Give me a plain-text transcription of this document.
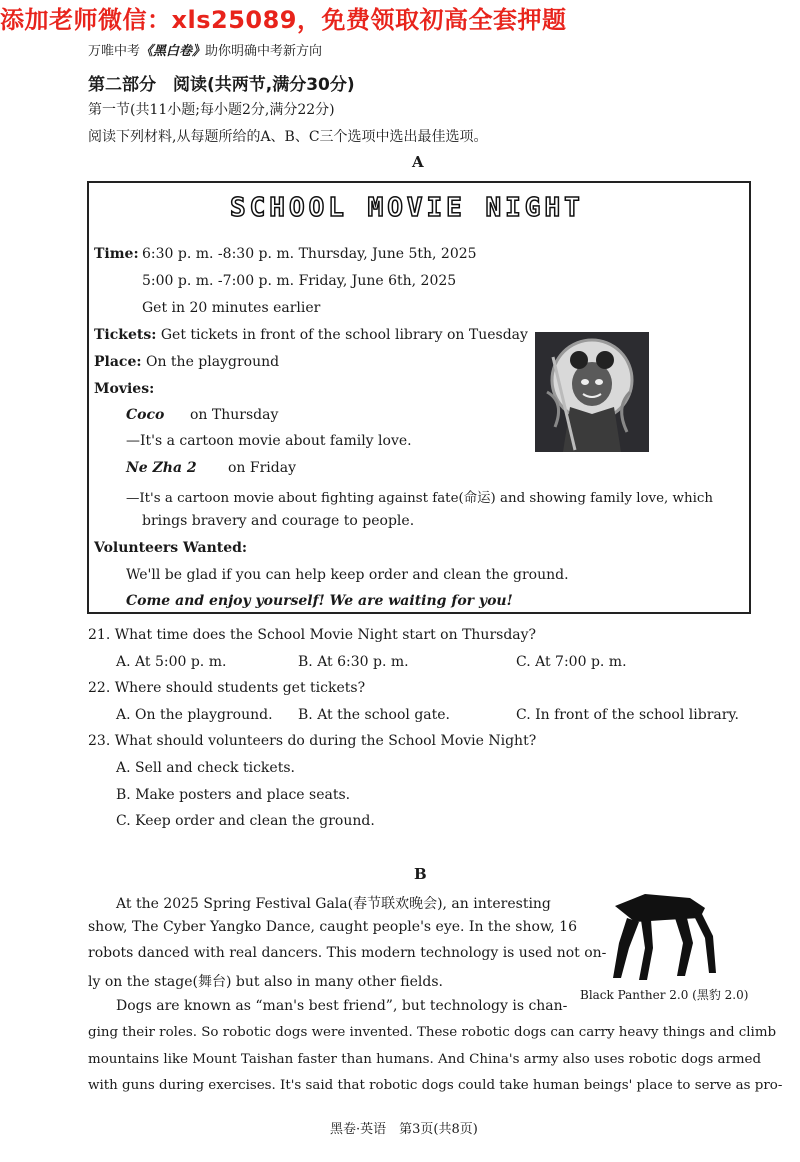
添加老师微信：xls25089，免费领取初高全套押题
万唯中考《黑白卷》助你明确中考新方向
第二部分　阅读(共两节,满分30分)
第一节(共11小题;每小题2分,满分22分)
阅读下列材料,从每题所给的A、B、C三个选项中选出最佳选项。
A
SCHOOL MOVIE NIGHT
Time: 6:30 p. m. -8:30 p. m. Thursday, June 5th, 2025
5:00 p. m. -7:00 p. m. Friday, June 6th, 2025
Get in 20 minutes earlier
Tickets: Get tickets in front of the school library on Tuesday
Place: On the playground
Movies:
Coco on Thursday
—It's a cartoon movie about family love.
Ne Zha 2 on Friday
—It's a cartoon movie about fighting against fate(命运) and showing family love, which
brings bravery and courage to people.
Volunteers Wanted:
We'll be glad if you can help keep order and clean the ground.
Come and enjoy yourself! We are waiting for you!
21. What time does the School Movie Night start on Thursday?
A. At 5:00 p. m.	B. At 6:30 p. m.	C. At 7:00 p. m.
22. Where should students get tickets?
A. On the playground. B. At the school gate.	C. In front of the school library.
23. What should volunteers do during the School Movie Night?
A. Sell and check tickets.
B. Make posters and place seats.
C. Keep order and clean the ground.
B
At the 2025 Spring Festival Gala(春节联欢晚会), an interesting
show, The Cyber Yangko Dance, caught people's eye. In the show, 16
robots danced with real dancers. This modern technology is used not on-
ly on the stage(舞台) but also in many other fields.
Dogs are known as “man's best friend”, but technology is chan-
ging their roles. So robotic dogs were invented. These robotic dogs can carry heavy things and climb
mountains like Mount Taishan faster than humans. And China's army also uses robotic dogs armed
with guns during exercises. It's said that robotic dogs could take human beings' place to serve as pro-
Black Panther 2.0 (黑豹 2.0)
黑卷·英语　第3页(共8页)
